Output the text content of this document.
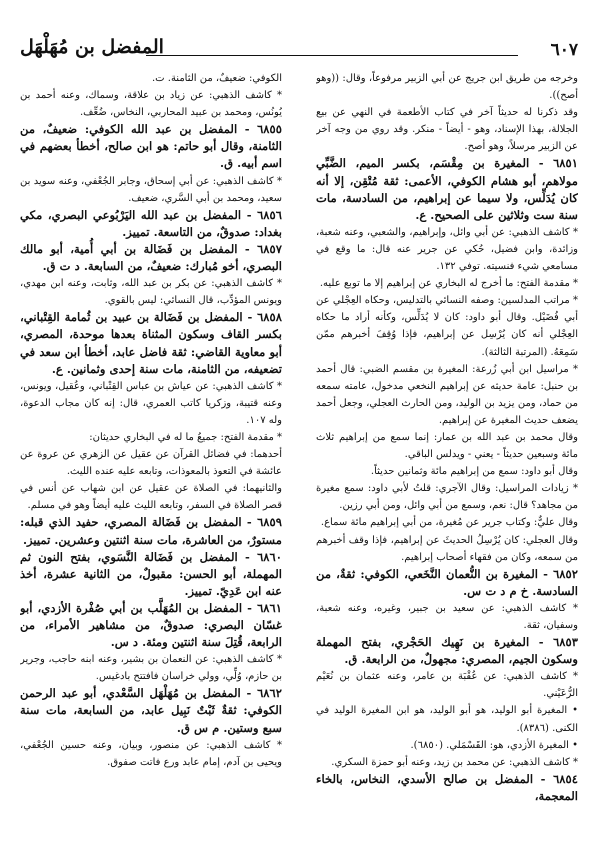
٦٠٧
المفضل بن مُهَلْهَل

وخرجه من طريق ابن جريج عن أبي الزبير مرفوعاً، وقال: ((وهو أصح)).

وقد ذكرنا له حديثاً آخر في كتاب الأطعمة في النهي عن بيع الجلالة، بهذا الإسناد، وهو - أيضاً - منكر. وقد روي من وجه آخر عن الزبير مرسلاً، وهو أصح.

٦٨٥١ - المغيرة بن مِقْسَم، بكسر الميم، الضَّبِّي مولاهم، أبو هشام الكوفي، الأعمى: ثقة مُتْقِن، إلا أنه كان يُدَلِّس، ولا سيما عن إبراهيم، من السادسة، مات سنة ست وثلاثين على الصحيح. ع.

* كاشف الذهبي: عن أبي وائل، وإبراهيم، والشعبي، وعنه شعبة، وزائدة، وابن فضيل، حُكي عن جرير عنه قال: ما وقع في مسامعي شيء فنسيته. توفي ١٣٢.

* مقدمة الفتح: ما أخرج له البخاري عن إبراهيم إلا ما توبع عليه.

* مراتب المدلسين: وصفه النسائي بالتدليس، وحكاه العِجْلي عن أبي فُضَيْل. وقال أبو داود: كان لا يُدَلِّس، وكأنه أراد ما حكاه العِجْلي أنه كان يُرْسِل عن إبراهيم، فإذا وُقِفَ أخبرهم ممّن سَمِعَهُ. (المرتبة الثالثة).

* مراسيل ابن أبي زُرعة: المغيرة بن مقسم الضبي: قال أحمد بن حنبل: عامة حديثه عن إبراهيم النخعي مدخول، عامته سمعه من حماد، ومن يزيد بن الوليد، ومن الحارث العجلي، وجعل أحمد يضعف حديث المغيرة عن إبراهيم.

وقال محمد بن عبد الله بن عمار: إنما سمع من إبراهيم ثلاث مائة وسبعين حديثاً - يعني - ويدلس الباقي.

وقال أبو داود: سمع من إبراهيم مائة وثمانين حديثاً.

* زيادات المراسيل: وقال الآجري: قلتُ لأبي داود: سمع مغيرة من مجاهد؟ قال: نعم، وسمع من أبي وائل، ومن أبي رزين.

وقال عليٌّ: وكتاب جرير عن مُغيرة، من أبي إبراهيم مائة سماع.

وقال العجلي: كان يُرْسِلُ الحديثَ عن إبراهيم، فإذا وقف أخبرهم من سمعه، وكان من فقهاء أصحاب إبراهيم.

٦٨٥٢ - المغيرة بن النُّعمان النَّخَعي، الكوفي: ثقةٌ، من السادسة. خ م د ت س.

* كاشف الذهبي: عن سعيد بن جبير، وغيره، وعنه شعبة، وسفيان، ثقة.

٦٨٥٣ - المغيرة بن نَهِيك الحَجْري، بفتح المهملة وسكون الجيم، المصري: مجهولٌ، من الرابعة. ق.

* كاشف الذهبي: عن عُقْبَة بن عامر، وعنه عثمان بن نُعَيْم الرُّعَيْني.

• المغيرة أبو الوليد، هو أبو الوليد، هو ابن المغيرة الوليد في الكنى. (٨٣٨٦).

• المغيرة الأزدي، هو: القَسْمَلي. (٦٨٥٠).

* كاشف الذهبي: عن محمد بن زيد، وعنه أبو حمزة السكري.

٦٨٥٤ - المفضل بن صالح الأسدي، النخاس، بالخاء المعجمة،

الكوفي: ضعيفٌ، من الثامنة. ت.

* كاشف الذهبي: عن زياد بن علاقة، وسماك، وعنه أحمد بن يُونُس، ومحمد بن عبيد المحاربي، النخاس، ضُعِّف.

٦٨٥٥ - المفضل بن عبد الله الكوفي: ضعيفٌ، من الثامنة، وقال أبو حاتم: هو ابن صالح، أخطأ بعضهم في اسم أبيه. ق.

* كاشف الذهبي: عن أبي إسحاق، وجابر الجُعْفي، وعنه سويد بن سعيد، ومحمد بن أبي السَّري، ضعيف.

٦٨٥٦ - المفضل بن عبد الله اليَرْبُوعي البصري، مكي بغداد: صدوقٌ، من التاسعة. تمييز.

٦٨٥٧ - المفضل بن فَضَالة بن أبي أُمية، أبو مالك البصري، أخو مُبارك: ضعيفٌ، من السابعة. د ت ق.

* كاشف الذهبي: عن بكر بن عبد الله، وثابت، وعنه ابن مهدي، ويونس المؤدِّب، قال النسائي: ليس بالقوي.

٦٨٥٨ - المفضل بن فَضَالة بن عبيد بن ثُمامة القِتْباني، بكسر القاف وسكون المثناة بعدها موحدة، المصري، أبو معاوية القاضي: ثقة فاضل عابد، أخطأ ابن سعد في تضعيفه، من الثامنة، مات سنة إحدى وثمانين. ع.

* كاشف الذهبي: عن عياش بن عباس القِتْباني، وعُقيل، ويونس، وعنه قتيبة، وزكريا كاتب العمري، قال: إنه كان مجاب الدعوة، وله ١٠٧.

* مقدمة الفتح: جميعُ ما له في البخاري حديثان:

أحدهما: في فضائل القرآن عن عقيل عن الزهري عن عروة عن عائشة في التعوذ بالمعوذات، وتابعه عليه عنده الليث.

والثانيهما: في الصلاة عن عقيل عن ابن شهاب عن أنس في قصر الصلاة في السفر، وتابعه الليث عليه أيضاً وهو في مسلم.

٦٨٥٩ - المفضل بن فَضَالة المصري، حفيد الذي قبله: مستورٌ، من العاشرة، مات سنة اثنتين وعشرين. تمييز.

٦٨٦٠ - المفضل بن فَضَالة النَّسَوي، بفتح النون ثم المهملة، أبو الحسن: مقبولٌ، من الثانية عشرة، أخذ عنه ابن عَدِيّ. تمييز.

٦٨٦١ - المفضل بن المُهَلَّب بن أبي صُفْرة الأزدي، أبو غسّان البصري: صدوقٌ، من مشاهير الأمراء، من الرابعة، قُتِلَ سنة اثنتين ومئة. د س.

* كاشف الذهبي: عن النعمان بن بشير، وعنه ابنه حاجب، وجرير بن حازم، وُلِّي، وولي خراسان فافتتح بادغيس.

٦٨٦٢ - المفضل بن مُهَلْهَل السَّعْدي، أبو عبد الرحمن الكوفي: ثقةٌ ثَبْتٌ نَبِيل عابد، من السابعة، مات سنة سبع وستين. م س ق.

* كاشف الذهبي: عن منصور، وبيان، وعنه حسين الجُعْفي، ويحيى بن آدم، إمام عابد ورع فاتت صفوق.
